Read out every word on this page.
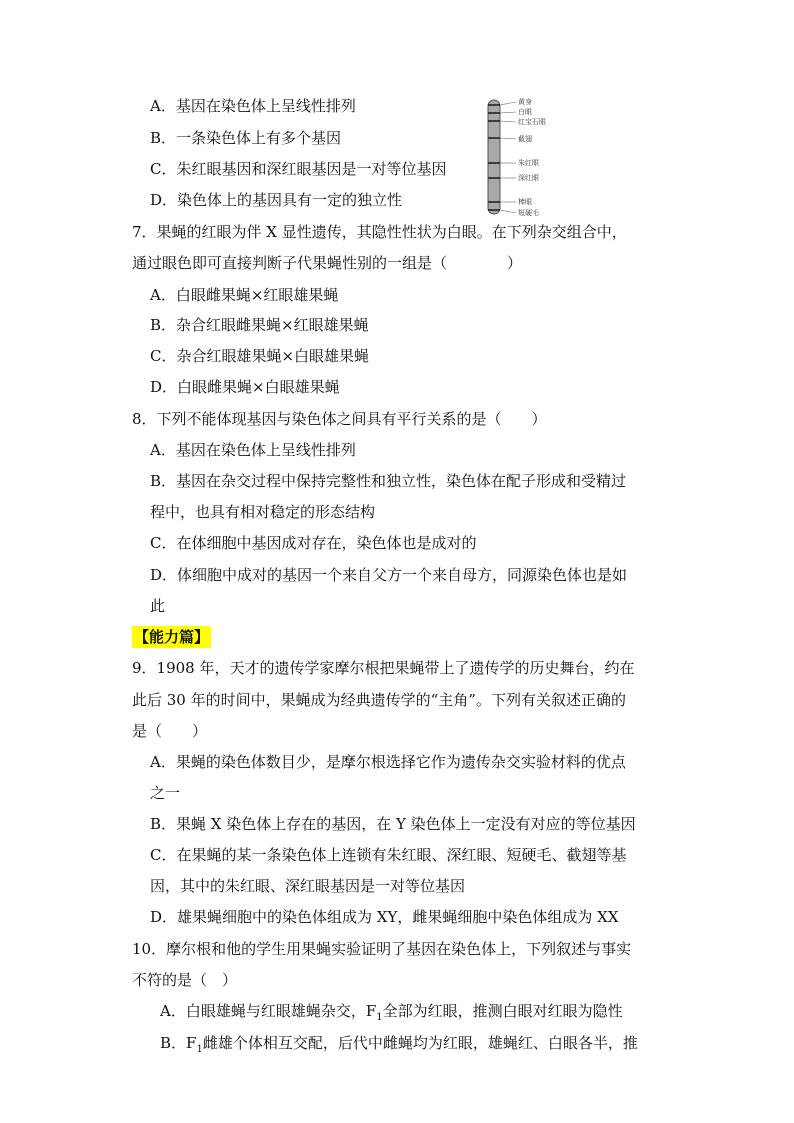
A．基因在染色体上呈线性排列
B．一条染色体上有多个基因
C．朱红眼基因和深红眼基因是一对等位基因
D．染色体上的基因具有一定的独立性
黄身
白眼
红宝石眼
截翅
朱红眼
深红眼
棒眼
短硬毛
7．果蝇的红眼为伴 X 显性遗传，其隐性性状为白眼。在下列杂交组合中，
通过眼色即可直接判断子代果蝇性别的一组是（　　　　）
A．白眼雌果蝇×红眼雄果蝇
B．杂合红眼雌果蝇×红眼雄果蝇
C．杂合红眼雄果蝇×白眼雄果蝇
D．白眼雌果蝇×白眼雄果蝇
8．下列不能体现基因与染色体之间具有平行关系的是（　　）
A．基因在染色体上呈线性排列
B．基因在杂交过程中保持完整性和独立性，染色体在配子形成和受精过
程中，也具有相对稳定的形态结构
C．在体细胞中基因成对存在，染色体也是成对的
D．体细胞中成对的基因一个来自父方一个来自母方，同源染色体也是如
此
【能力篇】
9．1908 年，天才的遗传学家摩尔根把果蝇带上了遗传学的历史舞台，约在
此后 30 年的时间中，果蝇成为经典遗传学的“主角”。下列有关叙述正确的
是（　　）
A．果蝇的染色体数目少，是摩尔根选择它作为遗传杂交实验材料的优点
之一
B．果蝇 X 染色体上存在的基因，在 Y 染色体上一定没有对应的等位基因
C．在果蝇的某一条染色体上连锁有朱红眼、深红眼、短硬毛、截翅等基
因，其中的朱红眼、深红眼基因是一对等位基因
D．雄果蝇细胞中的染色体组成为 XY，雌果蝇细胞中染色体组成为 XX
10．摩尔根和他的学生用果蝇实验证明了基因在染色体上，下列叙述与事实
不符的是（　）
A．白眼雄蝇与红眼雄蝇杂交，$F_1$全部为红眼，推测白眼对红眼为隐性
B．$F_1$雌雄个体相互交配，后代中雌蝇均为红眼，雄蝇红、白眼各半，推
